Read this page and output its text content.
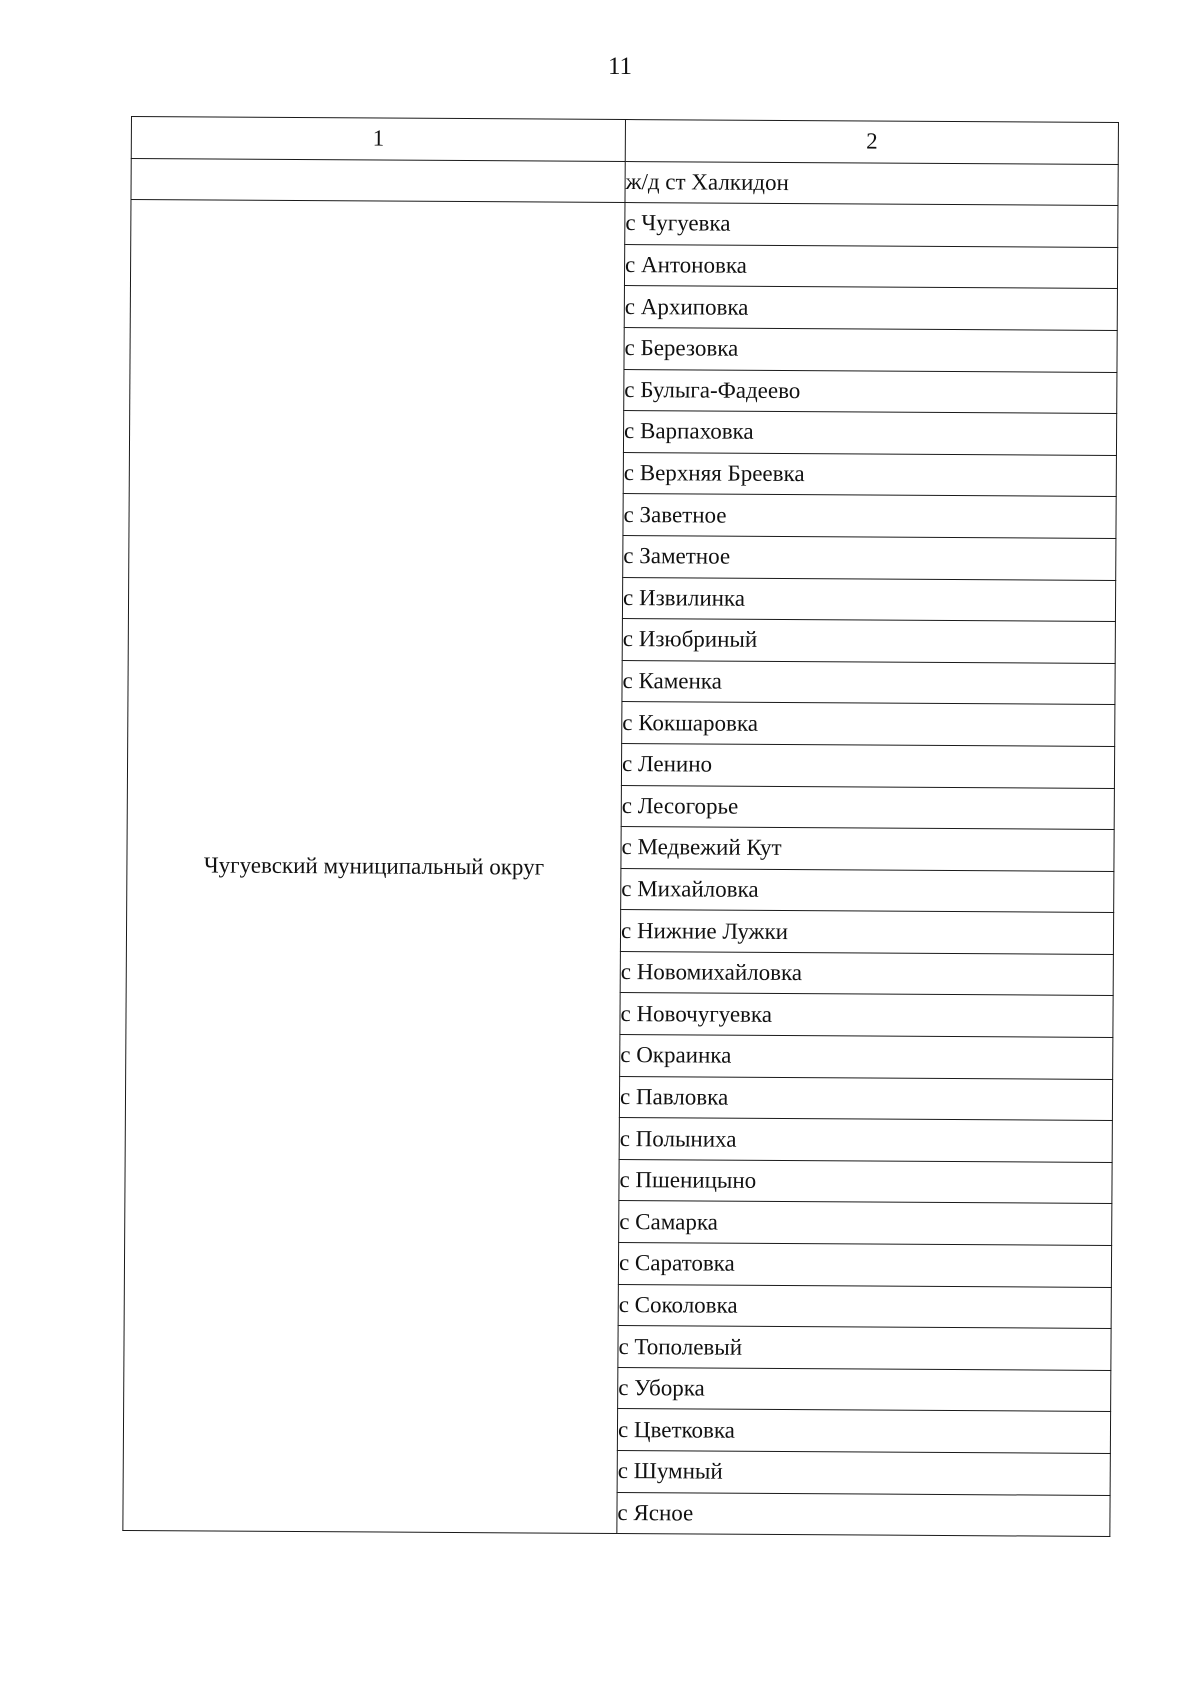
11
1	2
	ж/д ст Халкидон
Чугуевский муниципальный округ	с Чугуевка
	с Антоновка
	с Архиповка
	с Березовка
	с Булыга-Фадеево
	с Варпаховка
	с Верхняя Бреевка
	с Заветное
	с Заметное
	с Извилинка
	с Изюбриный
	с Каменка
	с Кокшаровка
	с Ленино
	с Лесогорье
	с Медвежий Кут
	с Михайловка
	с Нижние Лужки
	с Новомихайловка
	с Новочугуевка
	с Окраинка
	с Павловка
	с Полыниха
	с Пшеницыно
	с Самарка
	с Саратовка
	с Соколовка
	с Тополевый
	с Уборка
	с Цветковка
	с Шумный
	с Ясное
